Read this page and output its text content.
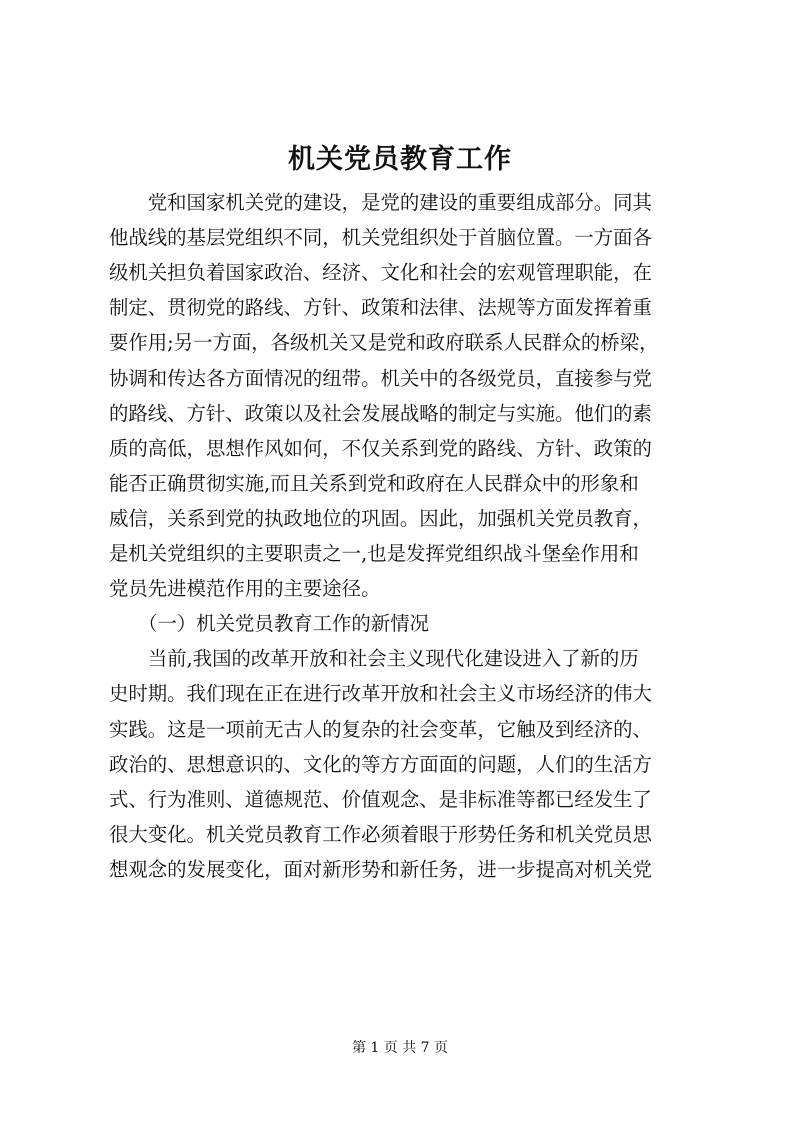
机关党员教育工作

　　党和国家机关党的建设，是党的建设的重要组成部分。同其

他战线的基层党组织不同，机关党组织处于首脑位置。一方面各

级机关担负着国家政治、经济、文化和社会的宏观管理职能，在

制定、贯彻党的路线、方针、政策和法律、法规等方面发挥着重

要作用;另一方面，各级机关又是党和政府联系人民群众的桥梁，

协调和传达各方面情况的纽带。机关中的各级党员，直接参与党

的路线、方针、政策以及社会发展战略的制定与实施。他们的素

质的高低，思想作风如何，不仅关系到党的路线、方针、政策的

能否正确贯彻实施,而且关系到党和政府在人民群众中的形象和

威信，关系到党的执政地位的巩固。因此，加强机关党员教育，

是机关党组织的主要职责之一,也是发挥党组织战斗堡垒作用和

党员先进模范作用的主要途径。

　　（一）机关党员教育工作的新情况

　　当前,我国的改革开放和社会主义现代化建设进入了新的历

史时期。我们现在正在进行改革开放和社会主义市场经济的伟大

实践。这是一项前无古人的复杂的社会变革，它触及到经济的、

政治的、思想意识的、文化的等方方面面的问题，人们的生活方

式、行为准则、道德规范、价值观念、是非标准等都已经发生了

很大变化。机关党员教育工作必须着眼于形势任务和机关党员思

想观念的发展变化，面对新形势和新任务，进一步提高对机关党

第 1 页 共 7 页
